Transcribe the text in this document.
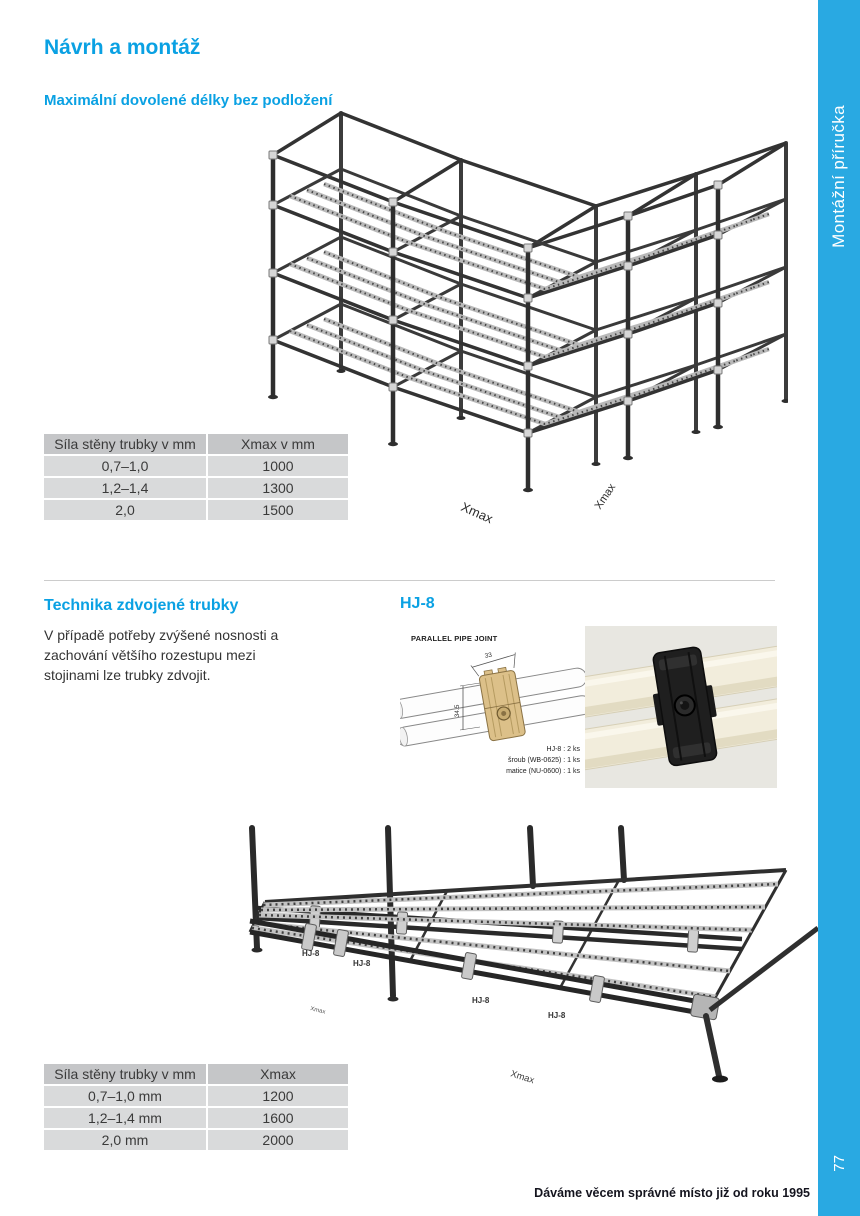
Montážní příručka
77
Návrh a montáž
Maximální dovolené délky bez podložení
Xmax
Xmax
Síla stěny trubky v mm	Xmax v mm
0,7–1,0	1000
1,2–1,4	1300
2,0	1500
Technika zdvojené trubky
V případě potřeby zvýšené nosnosti a zachování většího rozestupu mezi stojinami lze trubky zdvojit.
HJ-8
PARALLEL PIPE JOINT
33
34.5
HJ-8 : 2 ks
šroub (WB-0625) : 1 ks
matice (NU-0600) : 1 ks
HJ-8
HJ-8
HJ-8
HJ-8
Xmax
Xmax
Síla stěny trubky v mm	Xmax
0,7–1,0 mm	1200
1,2–1,4 mm	1600
2,0 mm	2000
Dáváme věcem správné místo již od roku 1995
